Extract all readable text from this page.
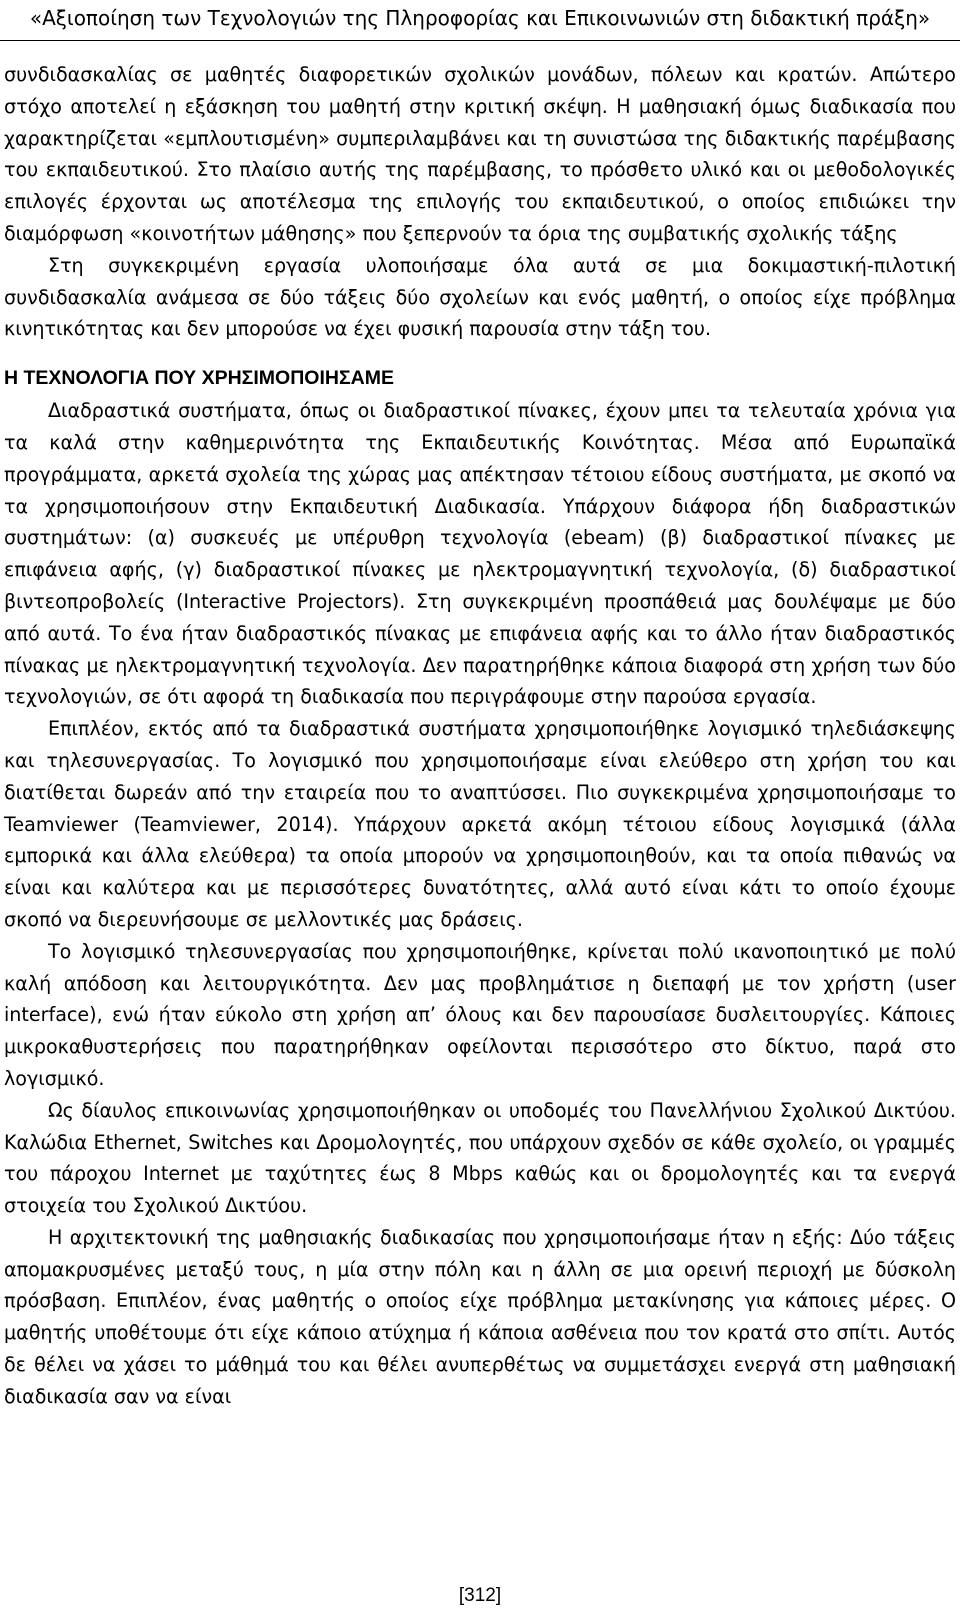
«Αξιοποίηση των Τεχνολογιών της Πληροφορίας και Επικοινωνιών στη διδακτική πράξη»

συνδιδασκαλίας σε μαθητές διαφορετικών σχολικών μονάδων, πόλεων και κρατών. Απώτερο στόχο αποτελεί η εξάσκηση του μαθητή στην κριτική σκέψη. Η μαθησιακή όμως διαδικασία που χαρακτηρίζεται «εμπλουτισμένη» συμπεριλαμβάνει και τη συνιστώσα της διδακτικής παρέμβασης του εκπαιδευτικού. Στο πλαίσιο αυτής της παρέμβασης, το πρόσθετο υλικό και οι μεθοδολογικές επιλογές έρχονται ως αποτέλεσμα της επιλογής του εκπαιδευτικού, ο οποίος επιδιώκει την διαμόρφωση «κοινοτήτων μάθησης» που ξεπερνούν τα όρια της συμβατικής σχολικής τάξης

Στη συγκεκριμένη εργασία υλοποιήσαμε όλα αυτά σε μια δοκιμαστική-πιλοτική συνδιδασκαλία ανάμεσα σε δύο τάξεις δύο σχολείων και ενός μαθητή, ο οποίος είχε πρόβλημα κινητικότητας και δεν μπορούσε να έχει φυσική παρουσία στην τάξη του.

Η ΤΕΧΝΟΛΟΓΙΑ ΠΟΥ ΧΡΗΣΙΜΟΠΟΙΗΣΑΜΕ

Διαδραστικά συστήματα, όπως οι διαδραστικοί πίνακες, έχουν μπει τα τελευταία χρόνια για τα καλά στην καθημερινότητα της Εκπαιδευτικής Κοινότητας. Μέσα από Ευρωπαϊκά προγράμματα, αρκετά σχολεία της χώρας μας απέκτησαν τέτοιου είδους συστήματα, με σκοπό να τα χρησιμοποιήσουν στην Εκπαιδευτική Διαδικασία. Υπάρχουν διάφορα ήδη διαδραστικών συστημάτων: (α) συσκευές με υπέρυθρη τεχνολογία (ebeam) (β) διαδραστικοί πίνακες με επιφάνεια αφής, (γ) διαδραστικοί πίνακες με ηλεκτρομαγνητική τεχνολογία, (δ) διαδραστικοί βιντεοπροβολείς (Interactive Projectors). Στη συγκεκριμένη προσπάθειά μας δουλέψαμε με δύο από αυτά. Το ένα ήταν διαδραστικός πίνακας με επιφάνεια αφής και το άλλο ήταν διαδραστικός πίνακας με ηλεκτρομαγνητική τεχνολογία. Δεν παρατηρήθηκε κάποια διαφορά στη χρήση των δύο τεχνολογιών, σε ότι αφορά τη διαδικασία που περιγράφουμε στην παρούσα εργασία.

Επιπλέον, εκτός από τα διαδραστικά συστήματα χρησιμοποιήθηκε λογισμικό τηλεδιάσκεψης και τηλεσυνεργασίας. Το λογισμικό που χρησιμοποιήσαμε είναι ελεύθερο στη χρήση του και διατίθεται δωρεάν από την εταιρεία που το αναπτύσσει. Πιο συγκεκριμένα χρησιμοποιήσαμε το Teamviewer (Teamviewer, 2014). Υπάρχουν αρκετά ακόμη τέτοιου είδους λογισμικά (άλλα εμπορικά και άλλα ελεύθερα) τα οποία μπορούν να χρησιμοποιηθούν, και τα οποία πιθανώς να είναι και καλύτερα και με περισσότερες δυνατότητες, αλλά αυτό είναι κάτι το οποίο έχουμε σκοπό να διερευνήσουμε σε μελλοντικές μας δράσεις.

Το λογισμικό τηλεσυνεργασίας που χρησιμοποιήθηκε, κρίνεται πολύ ικανοποιητικό με πολύ καλή απόδοση και λειτουργικότητα. Δεν μας προβλημάτισε η διεπαφή με τον χρήστη (user interface), ενώ ήταν εύκολο στη χρήση απ’ όλους και δεν παρουσίασε δυσλειτουργίες. Κάποιες μικροκαθυστερήσεις που παρατηρήθηκαν οφείλονται περισσότερο στο δίκτυο, παρά στο λογισμικό.

Ως δίαυλος επικοινωνίας χρησιμοποιήθηκαν οι υποδομές του Πανελλήνιου Σχολικού Δικτύου. Καλώδια Ethernet, Switches και Δρομολογητές, που υπάρχουν σχεδόν σε κάθε σχολείο, οι γραμμές του πάροχου Internet με ταχύτητες έως 8 Mbps καθώς και οι δρομολογητές και τα ενεργά στοιχεία του Σχολικού Δικτύου.

Η αρχιτεκτονική της μαθησιακής διαδικασίας που χρησιμοποιήσαμε ήταν η εξής: Δύο τάξεις απομακρυσμένες μεταξύ τους, η μία στην πόλη και η άλλη σε μια ορεινή περιοχή με δύσκολη πρόσβαση. Επιπλέον, ένας μαθητής ο οποίος είχε πρόβλημα μετακίνησης για κάποιες μέρες. Ο μαθητής υποθέτουμε ότι είχε κάποιο ατύχημα ή κάποια ασθένεια που τον κρατά στο σπίτι. Αυτός δε θέλει να χάσει το μάθημά του και θέλει ανυπερθέτως να συμμετάσχει ενεργά στη μαθησιακή διαδικασία σαν να είναι

[312]
